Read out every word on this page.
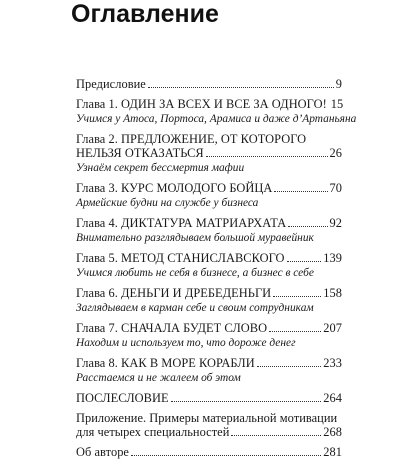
Оглавление
Предисловие	9
Глава 1. ОДИН ЗА ВСЕХ И ВСЕ ЗА ОДНОГО! 15
Учимся у Атоса, Портоса, Арамиса и даже д’Артаньяна
Глава 2. ПРЕДЛОЖЕНИЕ, ОТ КОТОРОГО
НЕЛЬЗЯ ОТКАЗАТЬСЯ	26
Узнаём секрет бессмертия мафии
Глава 3. КУРС МОЛОДОГО БОЙЦА	70
Армейские будни на службе у бизнеса
Глава 4. ДИКТАТУРА МАТРИАРХАТА	92
Внимательно разглядываем большой муравейник
Глава 5. МЕТОД СТАНИСЛАВСКОГО	139
Учимся любить не себя в бизнесе, а бизнес в себе
Глава 6. ДЕНЬГИ И ДРЕБЕДЕНЬГИ	158
Заглядываем в карман себе и своим сотрудникам
Глава 7. СНАЧАЛА БУДЕТ СЛОВО	207
Находим и используем то, что дороже денег
Глава 8. КАК В МОРЕ КОРАБЛИ	233
Расстаемся и не жалеем об этом
ПОСЛЕСЛОВИЕ	264
Приложение. Примеры материальной мотивации
для четырех специальностей	268
Об авторе	281
